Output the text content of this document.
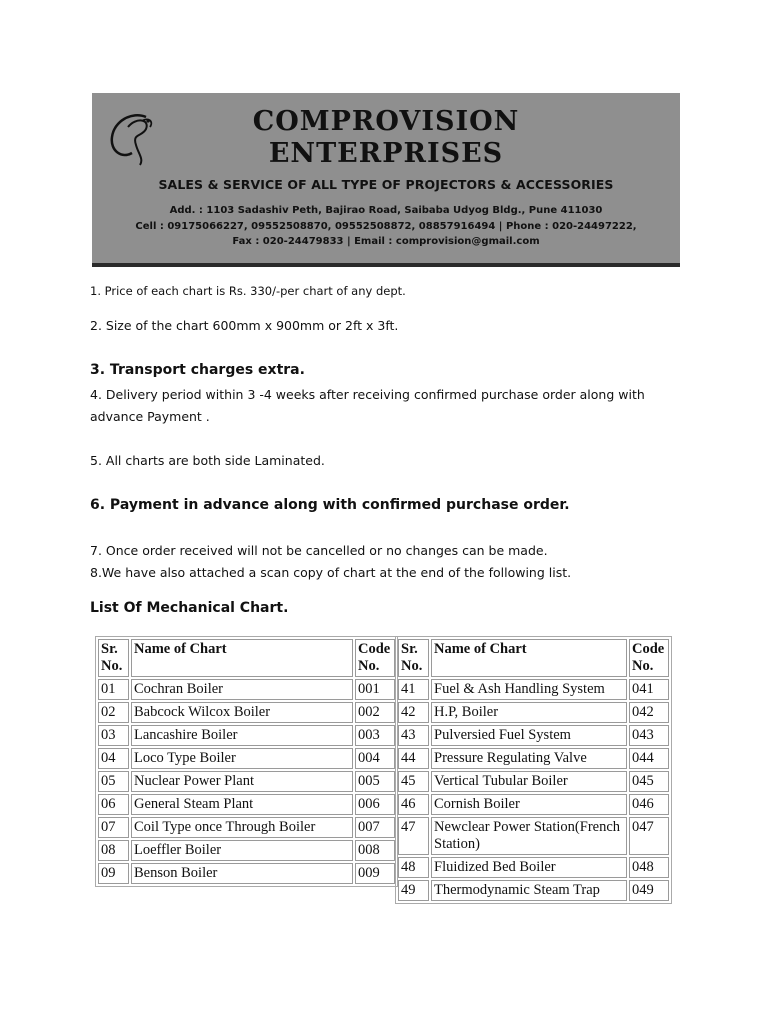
COMPROVISION
ENTERPRISES
SALES & SERVICE OF ALL TYPE OF PROJECTORS & ACCESSORIES
Add. : 1103 Sadashiv Peth, Bajirao Road, Saibaba Udyog Bldg., Pune 411030
Cell : 09175066227, 09552508870, 09552508872, 08857916494 | Phone : 020-24497222,
Fax : 020-24479833 | Email : comprovision@gmail.com
1. Price of each chart is Rs. 330/-per chart of any dept.
2. Size of the chart 600mm x 900mm or 2ft x 3ft.
3. Transport charges extra.
4. Delivery period within 3 -4 weeks after receiving confirmed purchase order along with
advance Payment .
5. All charts are both side Laminated.
6. Payment in advance along with confirmed purchase order.
7. Once order received will not be cancelled or no changes can be made.
8.We have also attached a scan copy of chart at the end of the following list.
List Of Mechanical Chart.
Sr. No.	Name of Chart	Code No.
01	Cochran Boiler	001
02	Babcock Wilcox Boiler	002
03	Lancashire Boiler	003
04	Loco Type Boiler	004
05	Nuclear Power Plant	005
06	General Steam Plant	006
07	Coil Type once Through Boiler	007
08	Loeffler Boiler	008
09	Benson Boiler	009
Sr. No.	Name of Chart	Code No.
41	Fuel & Ash Handling System	041
42	H.P, Boiler	042
43	Pulversied Fuel System	043
44	Pressure Regulating Valve	044
45	Vertical Tubular Boiler	045
46	Cornish Boiler	046
47	Newclear Power Station(French Station)	047
48	Fluidized Bed Boiler	048
49	Thermodynamic Steam Trap	049
